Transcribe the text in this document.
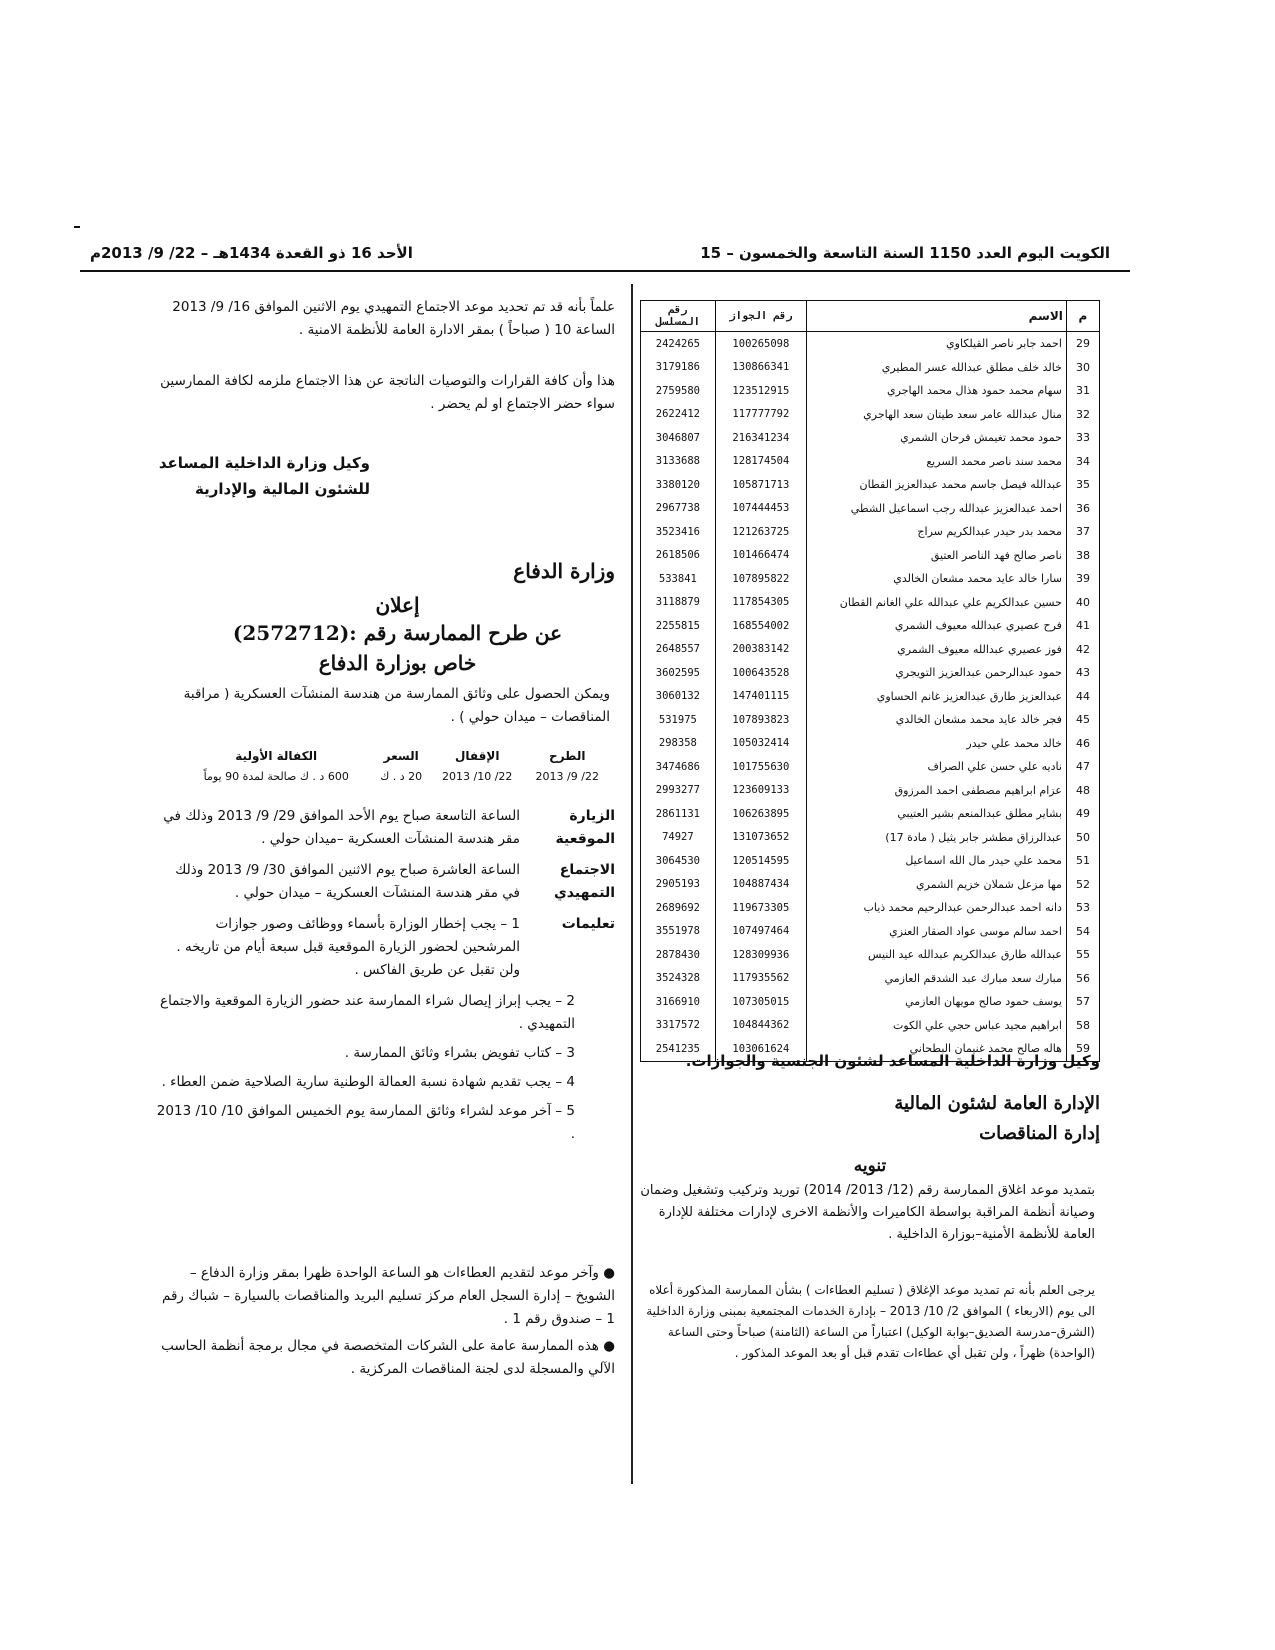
الكويت اليوم العدد 1150 السنة التاسعة والخمسون – 15
الأحد 16 ذو القعدة 1434هـ – 22/ 9/ 2013م
م	الاسم	رقم الجواز	رقم المسلسل
29	احمد جابر ناصر القيلكاوي	100265098	2424265
30	خالد خلف مطلق عبدالله عسر المطيري	130866341	3179186
31	سهام محمد حمود هذال محمد الهاجري	123512915	2759580
32	منال عبدالله عامر سعد طيتان سعد الهاجري	117777792	2622412
33	حمود محمد تغيمش فرحان الشمري	216341234	3046807
34	محمد سند ناصر محمد السريع	128174504	3133688
35	عبدالله فيصل جاسم محمد عبدالعزيز القطان	105871713	3380120
36	احمد عبدالعزيز عبدالله رجب اسماعيل الشطي	107444453	2967738
37	محمد بدر حيدر عبدالكريم سراج	121263725	3523416
38	ناصر صالح فهد الناصر العتيق	101466474	2618506
39	سارا خالد عايد محمد مشعان الخالدي	107895822	533841
40	حسين عبدالكريم علي عبدالله علي الغانم القطان	117854305	3118879
41	فرح عصيري عبدالله معيوف الشمري	168554002	2255815
42	فوز عصيري عبدالله معيوف الشمري	200383142	2648557
43	حمود عبدالرحمن عبدالعزيز التويجري	100643528	3602595
44	عبدالعزيز طارق عبدالعزيز غانم الحساوي	147401115	3060132
45	فجر خالد عايد محمد مشعان الخالدي	107893823	531975
46	خالد محمد علي حيدر	105032414	298358
47	ناديه علي حسن علي الصراف	101755630	3474686
48	عزام ابراهيم مصطفى احمد المرزوق	123609133	2993277
49	بشاير مطلق عبدالمنعم بشير العتيبي	106263895	2861131
50	عبدالرزاق مطشر جابر يثيل ( مادة 17)	131073652	74927
51	محمد علي حيدر مال الله اسماعيل	120514595	3064530
52	مها مزعل شملان خزيم الشمري	104887434	2905193
53	دانه احمد عبدالرحمن عبدالرحيم محمد ذياب	119673305	2689692
54	احمد سالم موسى عواد الصقار العنزي	107497464	3551978
55	عبدالله طارق عبدالكريم عبدالله عيد النيس	128309936	2878430
56	مبارك سعد مبارك عبد الشدقم العازمي	117935562	3524328
57	يوسف حمود صالح مويهان العازمي	107305015	3166910
58	ابراهيم مجيد عباس حجي علي الكوت	104844362	3317572
59	هاله صالح محمد غنيمان البطحاني	103061624	2541235
وكيل وزارة الداخلية المساعد لشئون الجنسية والجوازات.
الإدارة العامة لشئون المالية
إدارة المناقصات
تنويه
بتمديد موعد اغلاق الممارسة رقم (12/ 2013/ 2014) توريد وتركيب وتشغيل وضمان وصيانة أنظمة المراقبة بواسطة الكاميرات والأنظمة الاخرى لإدارات مختلفة للإدارة العامة للأنظمة الأمنية–بوزارة الداخلية .
يرجى العلم بأنه تم تمديد موعد الإغلاق ( تسليم العطاءات ) بشأن الممارسة المذكورة أعلاه الى يوم (الاربعاء ) الموافق 2/ 10/ 2013 – بإدارة الخدمات المجتمعية بمبنى وزارة الداخلية (الشرق–مدرسة الصديق–بوابة الوكيل) اعتباراً من الساعة (الثامنة) صباحاً وحتى الساعة (الواحدة) ظهراً ، ولن تقبل أي عطاءات تقدم قبل أو بعد الموعد المذكور .
علماً بأنه قد تم تحديد موعد الاجتماع التمهيدي يوم الاثنين الموافق 16/ 9/ 2013 الساعة 10 ( صباحاً ) بمقر الادارة العامة للأنظمة الامنية .
هذا وأن كافة القرارات والتوصيات الناتجة عن هذا الاجتماع ملزمه لكافة الممارسين سواء حضر الاجتماع او لم يحضر .
وكيل وزارة الداخلية المساعد
للشئون المالية والإدارية
وزارة الدفاع
إعلان
عن طرح الممارسة رقم :(2572712)
خاص بوزارة الدفاع
ويمكن الحصول على وثائق الممارسة من هندسة المنشآت العسكرية ( مراقبة المناقصات – ميدان حولي ) .
الطرح	الإقفال	السعر	الكفالة الأولية
22/ 9/ 2013	22/ 10/ 2013	20 د . ك	600 د . ك صالحة لمدة 90 يوماً
الزيارة الموقعية
الساعة التاسعة صباح يوم الأحد الموافق 29/ 9/ 2013 وذلك في مقر هندسة المنشآت العسكرية –ميدان حولي .
الاجتماع التمهيدي
الساعة العاشرة صباح يوم الاثنين الموافق 30/ 9/ 2013 وذلك في مقر هندسة المنشآت العسكرية – ميدان حولي .
تعليمات
1 – يجب إخطار الوزارة بأسماء ووظائف وصور جوازات المرشحين لحضور الزيارة الموقعية قبل سبعة أيام من تاريخه . ولن تقبل عن طريق الفاكس .
2 – يجب إبراز إيصال شراء الممارسة عند حضور الزيارة الموقعية والاجتماع التمهيدي .
3 – كتاب تفويض بشراء وثائق الممارسة .
4 – يجب تقديم شهادة نسبة العمالة الوطنية سارية الصلاحية ضمن العطاء .
5 – آخر موعد لشراء وثائق الممارسة يوم الخميس الموافق 10/ 10/ 2013 .
● وآخر موعد لتقديم العطاءات هو الساعة الواحدة ظهرا بمقر وزارة الدفاع – الشويخ – إدارة السجل العام مركز تسليم البريد والمناقصات بالسيارة – شباك رقم 1 – صندوق رقم 1 .
● هذه الممارسة عامة على الشركات المتخصصة في مجال برمجة أنظمة الحاسب الآلي والمسجلة لدى لجنة المناقصات المركزية .
